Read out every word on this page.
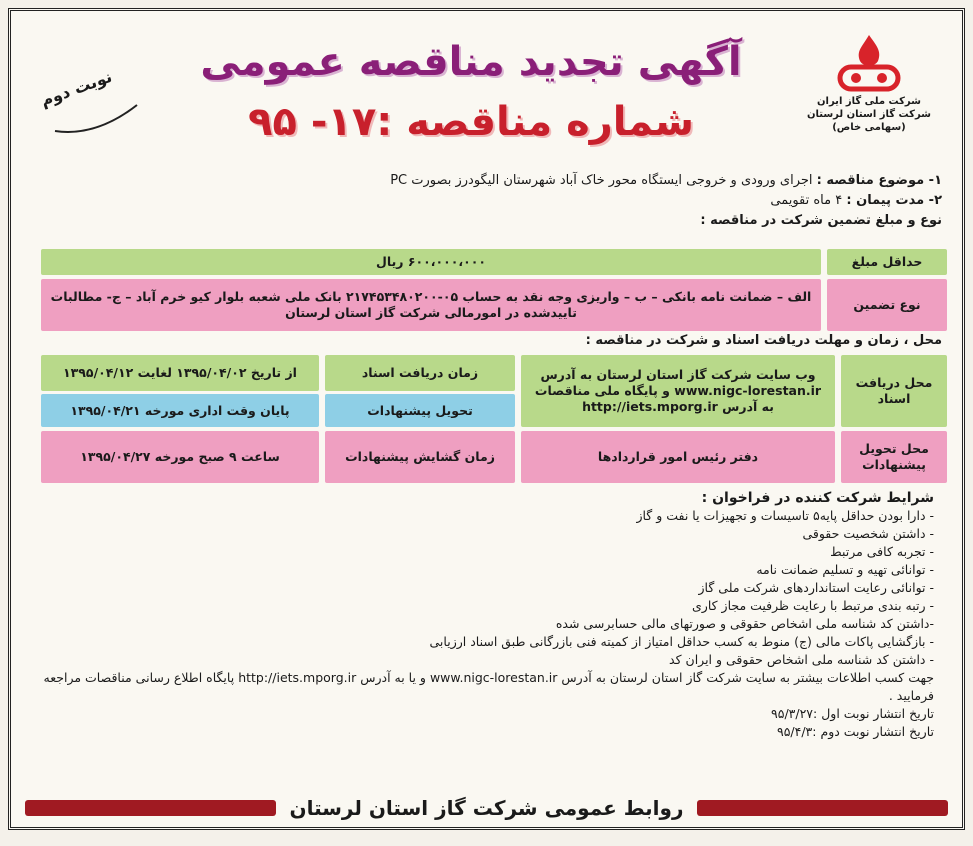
شرکت ملی گاز ایران
شرکت گاز استان لرستان
(سهامی خاص)
آگهی تجدید مناقصه عمومی
شماره مناقصه :۱۷- ۹۵
نوبت دوم
۱- موضوع مناقصه : اجرای ورودی و خروجی ایستگاه محور خاک آباد شهرستان الیگودرز بصورت PC
۲- مدت پیمان : ۴ ماه تقویمی
نوع و مبلغ تضمین شرکت در مناقصه :
حداقل مبلغ
۶۰۰،۰۰۰،۰۰۰ ریال
نوع تضمین
الف – ضمانت نامه بانکی – ب – واریزی وجه نقد به حساب ۰۵-۲۱۷۴۵۳۴۸۰۲۰۰ بانک ملی شعبه بلوار کیو خرم آباد – ج- مطالبات تاییدشده در امورمالی شرکت گاز استان لرستان
محل ، زمان و مهلت دریافت اسناد و شرکت در مناقصه :
محل دریافت اسناد
وب سایت شرکت گاز استان لرستان به آدرس www.nigc-lorestan.ir و پایگاه ملی مناقصات به آدرس http://iets.mporg.ir
زمان دریافت اسناد
از تاریخ ۱۳۹۵/۰۴/۰۲ لغایت ۱۳۹۵/۰۴/۱۲
تحویل پیشنهادات
پایان وقت اداری مورخه ۱۳۹۵/۰۴/۲۱
محل تحویل پیشنهادات
دفتر رئیس امور قراردادها
زمان گشایش پیشنهادات
ساعت ۹ صبح مورخه ۱۳۹۵/۰۴/۲۷
شرایط شرکت کننده در فراخوان :
- دارا بودن حداقل پایه۵ تاسیسات و تجهیزات یا نفت و گاز
- داشتن شخصیت حقوقی
- تجربه کافی مرتبط
- توانائی تهیه و تسلیم ضمانت نامه
- توانائی رعایت استانداردهای شرکت ملی گاز
- رتبه بندی مرتبط با رعایت ظرفیت مجاز کاری
-داشتن کد شناسه ملی اشخاص حقوقی و صورتهای مالی حسابرسی شده
- بازگشایی پاکات مالی (ج) منوط به کسب حداقل امتیاز از کمیته فنی بازرگانی طبق اسناد ارزیابی
- داشتن کد شناسه ملی اشخاص حقوقی و ایران کد
جهت کسب اطلاعات بیشتر به سایت شرکت گاز استان لرستان به آدرس www.nigc-lorestan.ir و یا به آدرس http://iets.mporg.ir پایگاه اطلاع رسانی مناقصات مراجعه فرمایید .
تاریخ انتشار نوبت اول :۹۵/۳/۲۷
تاریخ انتشار نوبت دوم :۹۵/۴/۳
روابط عمومی شرکت گاز استان لرستان
